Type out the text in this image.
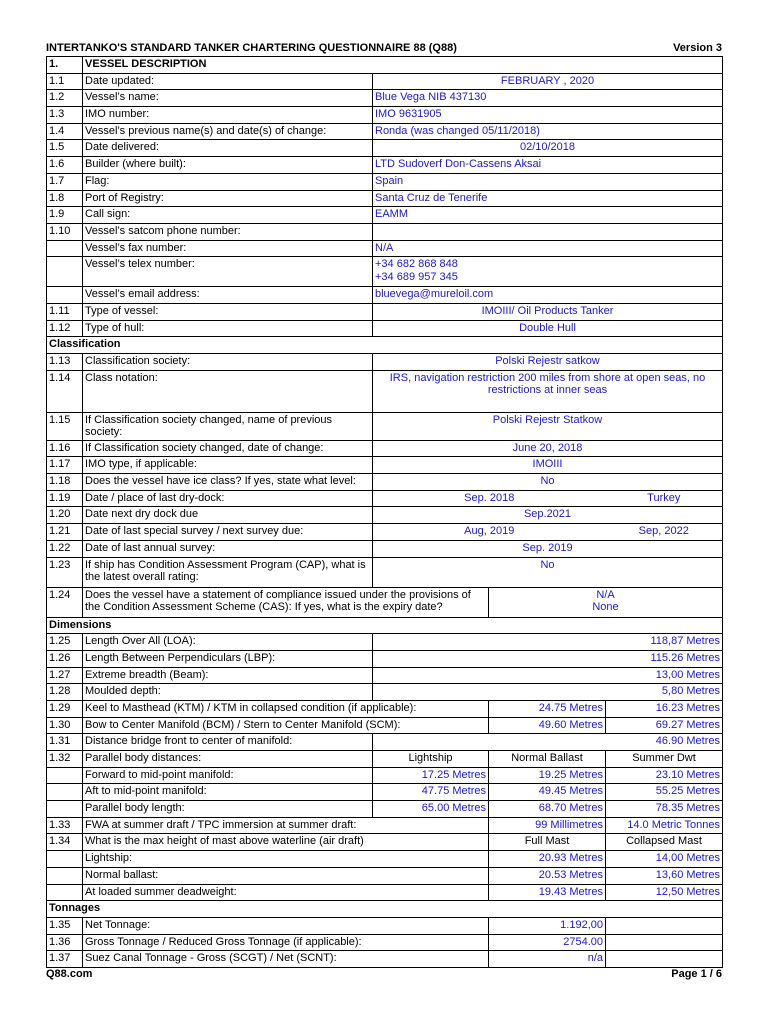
INTERTANKO'S STANDARD TANKER CHARTERING QUESTIONNAIRE 88 (Q88)	Version 3
1.	VESSEL DESCRIPTION			
1.1	Date updated:	FEBRUARY , 2020		
1.2	Vessel’s name:	Blue Vega NIB 437130		
1.3	IMO number:	IMO 9631905		
1.4	Vessel’s previous name(s) and date(s) of change:	Ronda (was changed 05/11/2018)		
1.5	Date delivered:	02/10/2018		
1.6	Builder (where built):	LTD Sudoverf Don-Cassens Aksai		
1.7	Flag:	Spain		
1.8	Port of Registry:	Santa Cruz de Tenerife		
1.9	Call sign:	EAMM		
1.10	Vessel’s satcom phone number:			
	Vessel’s fax number:	N/A		
	Vessel’s telex number:	+34 682 868 848
+34 689 957 345		

	Vessel’s email address:	bluevega@mureloil.com		
1.11	Type of vessel:	IMOIII/ Oil Products Tanker		
1.12	Type of hull:	Double Hull		
Classification				
1.13	Classification society:	Polski Rejestr satkow		
1.14	Class notation:	IRS, navigation restriction 200 miles from shore at open seas, no restrictions at inner seas		
1.15	If Classification society changed, name of previous society:	Polski Rejestr Statkow		
1.16	If Classification society changed, date of change:	June 20, 2018		
1.17	IMO type, if applicable:	IMOIII		
1.18	Does the vessel have ice class? If yes, state what level:	No		
1.19	Date / place of last dry-dock:	Sep. 2018		Turkey
1.20	Date next dry dock due	Sep.2021		
1.21	Date of last special survey / next survey due:	Aug, 2019		Sep, 2022
1.22	Date of last annual survey:	Sep. 2019		
1.23	If ship has Condition Assessment Program (CAP), what is the latest overall rating:	No		
1.24	Does the vessel have a statement of compliance issued under the provisions of the Condition Assessment Scheme (CAS): If yes, what is the expiry date?		N/A
None	

Dimensions				
1.25	Length Over All (LOA):	118,87 Metres		
1.26	Length Between Perpendiculars (LBP):	115.26 Metres		
1.27	Extreme breadth (Beam):	13,00 Metres		
1.28	Moulded depth:	5,80 Metres		
1.29	Keel to Masthead (KTM) / KTM in collapsed condition (if applicable):		24.75 Metres	16.23 Metres
1.30	Bow to Center Manifold (BCM) / Stern to Center Manifold (SCM):		49.60 Metres	69.27 Metres
1.31	Distance bridge front to center of manifold:	46.90 Metres		
1.32	Parallel body distances:	Lightship	Normal Ballast	Summer Dwt
	Forward to mid-point manifold:	17.25 Metres	19.25 Metres	23.10 Metres
	Aft to mid-point manifold:	47.75 Metres	49.45 Metres	55.25 Metres
	Parallel body length:	65.00 Metres	68.70 Metres	78.35 Metres
1.33	FWA at summer draft / TPC immersion at summer draft:		99 Millimetres	14.0 Metric Tonnes
1.34	What is the max height of mast above waterline (air draft)		Full Mast	Collapsed Mast
	Lightship:		20.93 Metres	14,00 Metres
	Normal ballast:		20.53 Metres	13,60 Metres
	At loaded summer deadweight:		19.43 Metres	12,50 Metres
Tonnages				
1.35	Net Tonnage:		1.192,00	
1.36	Gross Tonnage / Reduced Gross Tonnage (if applicable):		2754.00	
1.37	Suez Canal Tonnage - Gross (SCGT) / Net (SCNT):		n/a	
Q88.com	Page 1 / 6
